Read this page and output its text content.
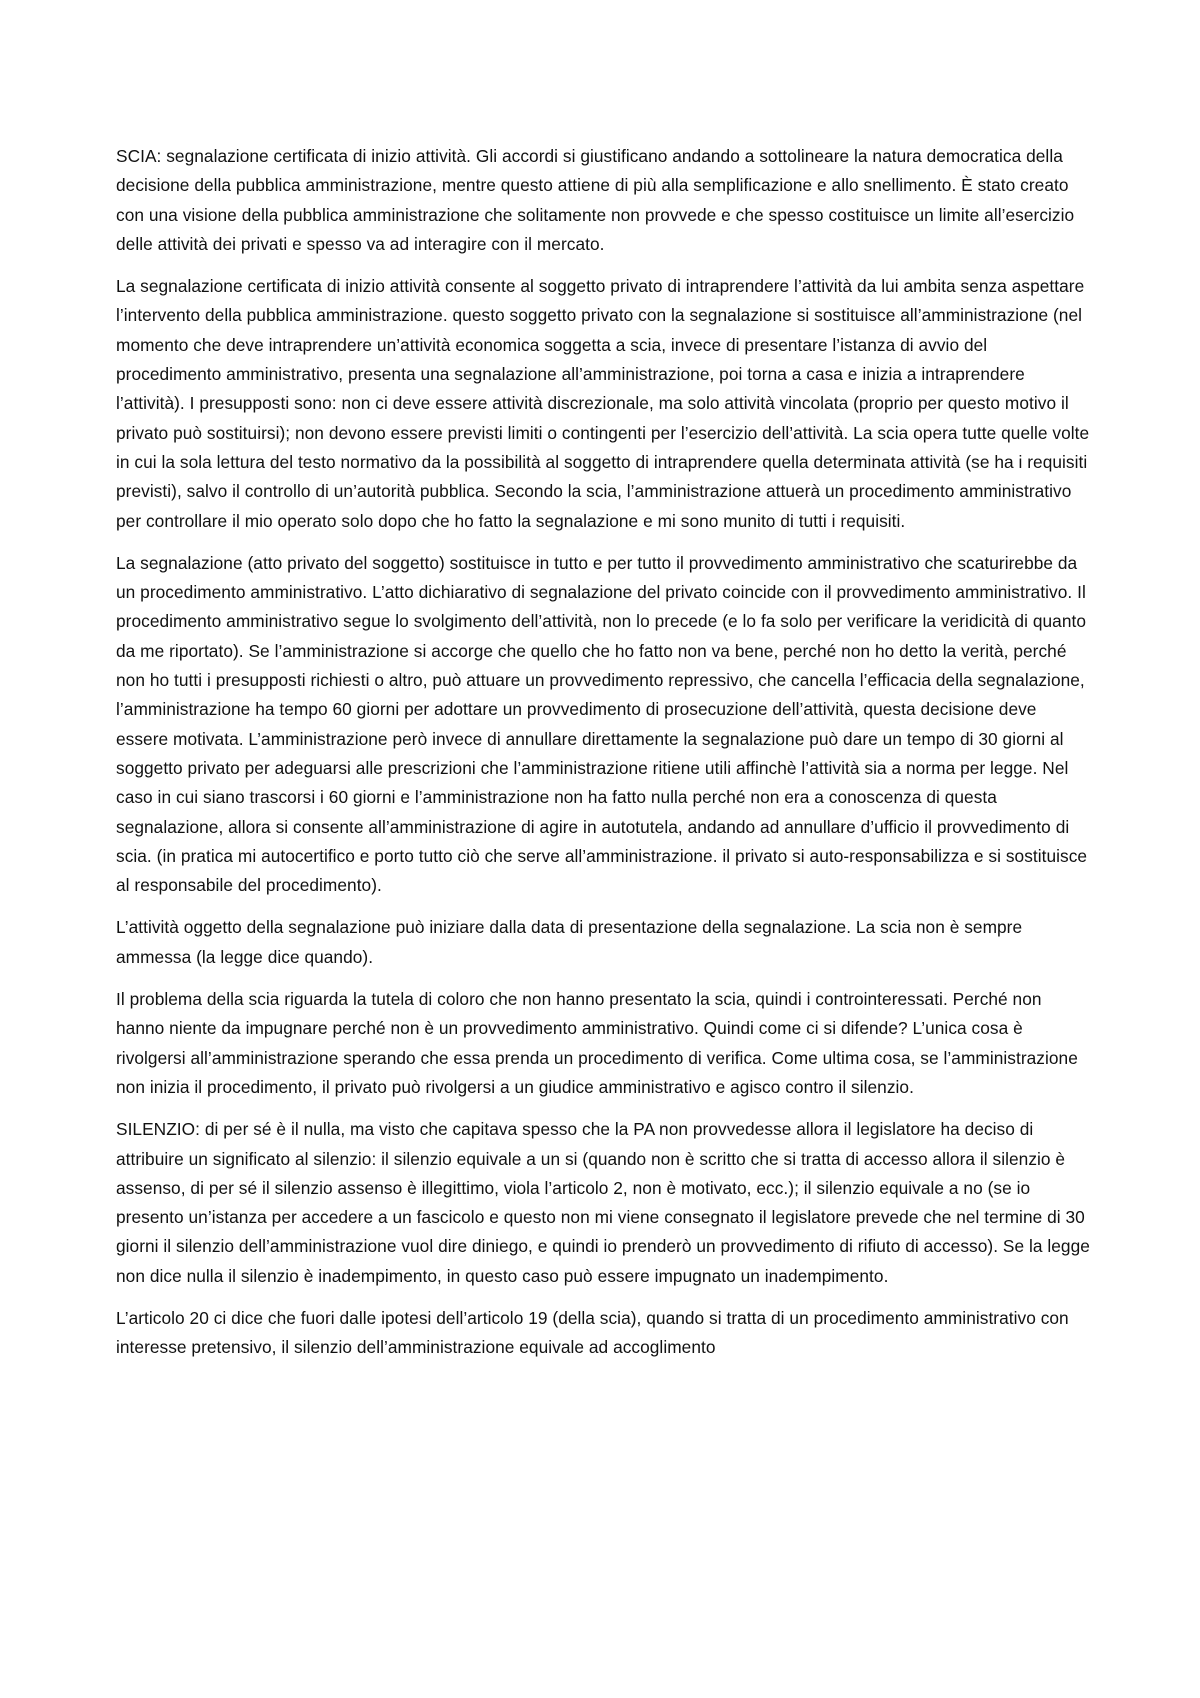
SCIA: segnalazione certificata di inizio attività. Gli accordi si giustificano andando a sottolineare la natura democratica della decisione della pubblica amministrazione, mentre questo attiene di più alla semplificazione e allo snellimento. È stato creato con una visione della pubblica amministrazione che solitamente non provvede e che spesso costituisce un limite all’esercizio delle attività dei privati e spesso va ad interagire con il mercato.

La segnalazione certificata di inizio attività consente al soggetto privato di intraprendere l’attività da lui ambita senza aspettare l’intervento della pubblica amministrazione. questo soggetto privato con la segnalazione si sostituisce all’amministrazione (nel momento che deve intraprendere un’attività economica soggetta a scia, invece di presentare l’istanza di avvio del procedimento amministrativo, presenta una segnalazione all’amministrazione, poi torna a casa e inizia a intraprendere l’attività). I presupposti sono: non ci deve essere attività discrezionale, ma solo attività vincolata (proprio per questo motivo il privato può sostituirsi); non devono essere previsti limiti o contingenti per l’esercizio dell’attività. La scia opera tutte quelle volte in cui la sola lettura del testo normativo da la possibilità al soggetto di intraprendere quella determinata attività (se ha i requisiti previsti), salvo il controllo di un’autorità pubblica. Secondo la scia, l’amministrazione attuerà un procedimento amministrativo per controllare il mio operato solo dopo che ho fatto la segnalazione e mi sono munito di tutti i requisiti.

La segnalazione (atto privato del soggetto) sostituisce in tutto e per tutto il provvedimento amministrativo che scaturirebbe da un procedimento amministrativo. L’atto dichiarativo di segnalazione del privato coincide con il provvedimento amministrativo. Il procedimento amministrativo segue lo svolgimento dell’attività, non lo precede (e lo fa solo per verificare la veridicità di quanto da me riportato). Se l’amministrazione si accorge che quello che ho fatto non va bene, perché non ho detto la verità, perché non ho tutti i presupposti richiesti o altro, può attuare un provvedimento repressivo, che cancella l’efficacia della segnalazione, l’amministrazione ha tempo 60 giorni per adottare un provvedimento di prosecuzione dell’attività, questa decisione deve essere motivata. L’amministrazione però invece di annullare direttamente la segnalazione può dare un tempo di 30 giorni al soggetto privato per adeguarsi alle prescrizioni che l’amministrazione ritiene utili affinchè l’attività sia a norma per legge. Nel caso in cui siano trascorsi i 60 giorni e l’amministrazione non ha fatto nulla perché non era a conoscenza di questa segnalazione, allora si consente all’amministrazione di agire in autotutela, andando ad annullare d’ufficio il provvedimento di scia. (in pratica mi autocertifico e porto tutto ciò che serve all’amministrazione. il privato si auto-responsabilizza e si sostituisce al responsabile del procedimento).

L’attività oggetto della segnalazione può iniziare dalla data di presentazione della segnalazione. La scia non è sempre ammessa (la legge dice quando).

Il problema della scia riguarda la tutela di coloro che non hanno presentato la scia, quindi i controinteressati. Perché non hanno niente da impugnare perché non è un provvedimento amministrativo. Quindi come ci si difende? L’unica cosa è rivolgersi all’amministrazione sperando che essa prenda un procedimento di verifica. Come ultima cosa, se l’amministrazione non inizia il procedimento, il privato può rivolgersi a un giudice amministrativo e agisco contro il silenzio.

SILENZIO: di per sé è il nulla, ma visto che capitava spesso che la PA non provvedesse allora il legislatore ha deciso di attribuire un significato al silenzio: il silenzio equivale a un si (quando non è scritto che si tratta di accesso allora il silenzio è assenso, di per sé il silenzio assenso è illegittimo, viola l’articolo 2, non è motivato, ecc.); il silenzio equivale a no (se io presento un’istanza per accedere a un fascicolo e questo non mi viene consegnato il legislatore prevede che nel termine di 30 giorni il silenzio dell’amministrazione vuol dire diniego, e quindi io prenderò un provvedimento di rifiuto di accesso). Se la legge non dice nulla il silenzio è inadempimento, in questo caso può essere impugnato un inadempimento.

L’articolo 20 ci dice che fuori dalle ipotesi dell’articolo 19 (della scia), quando si tratta di un procedimento amministrativo con interesse pretensivo, il silenzio dell’amministrazione equivale ad accoglimento
